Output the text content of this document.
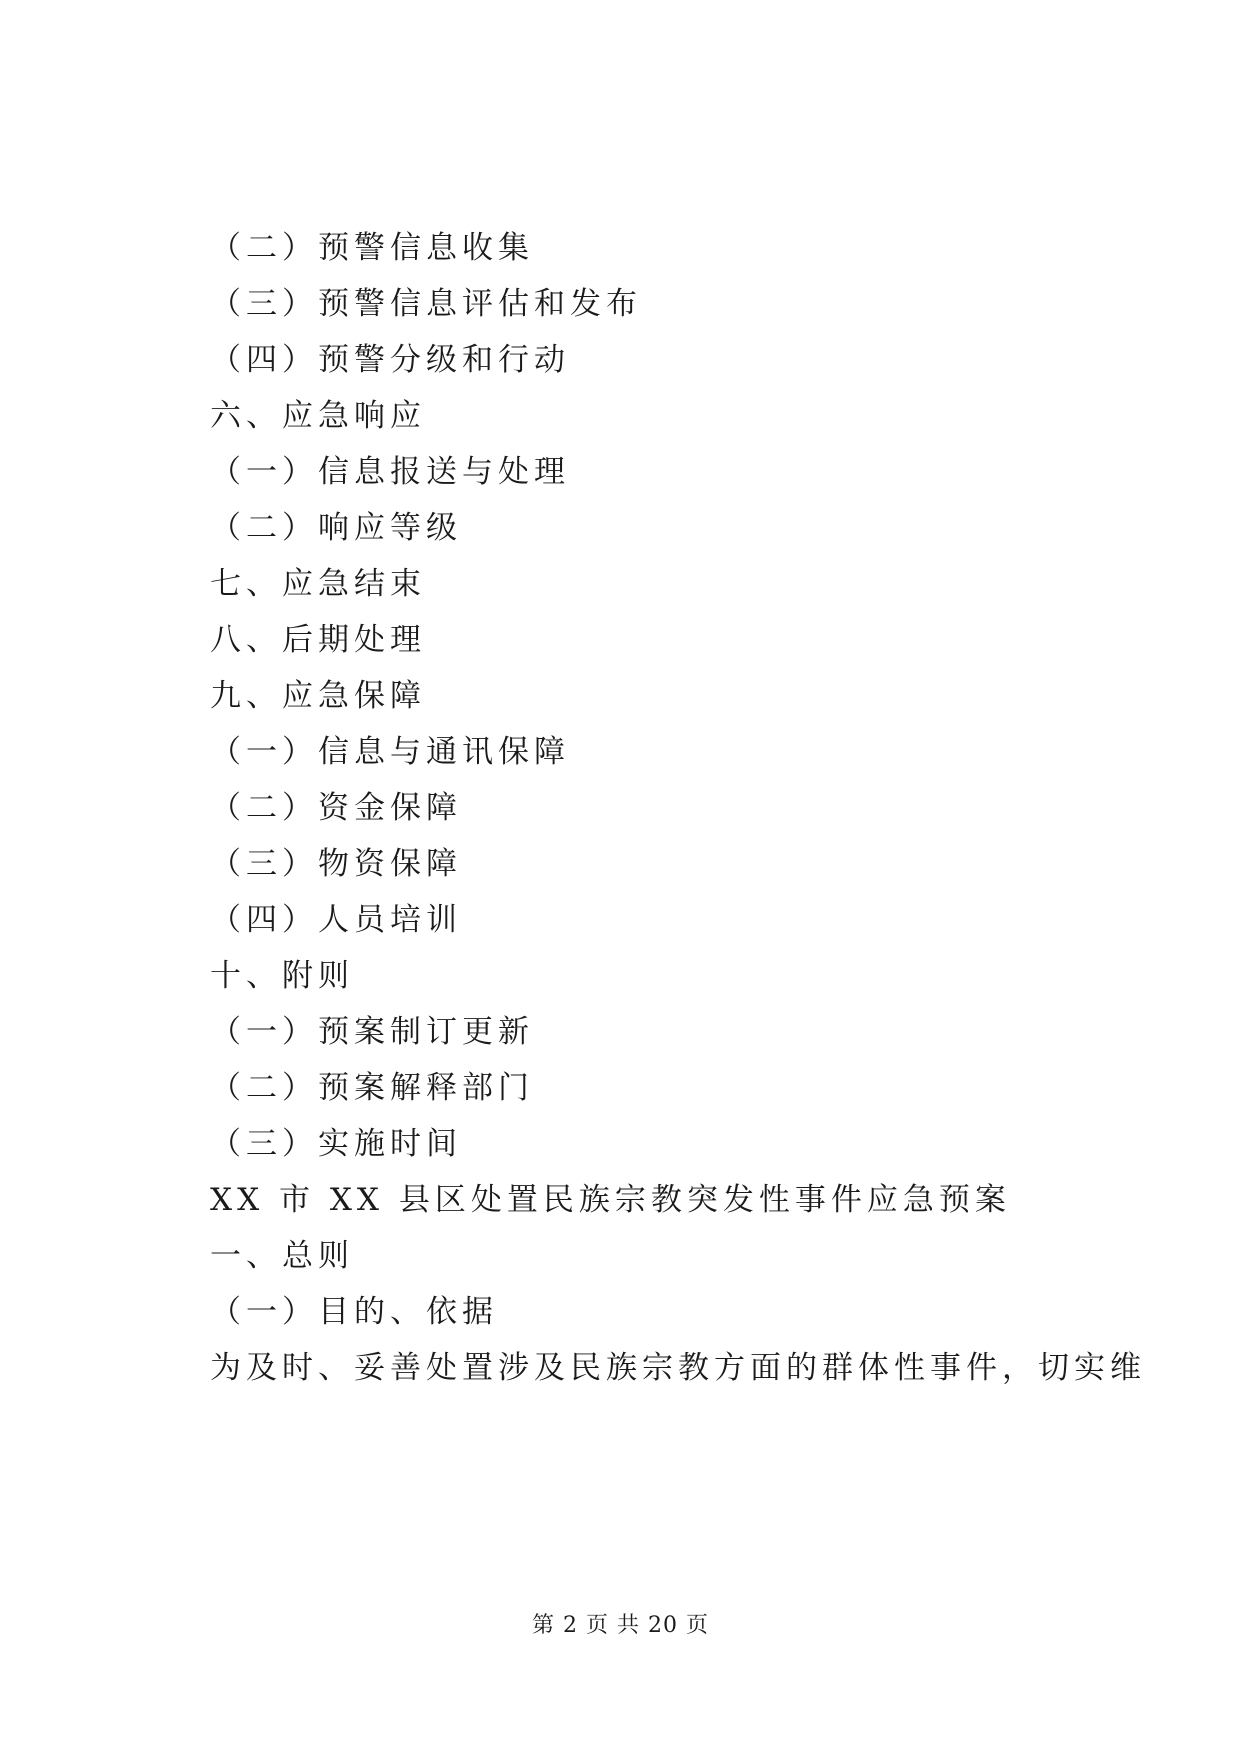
（二）预警信息收集
（三）预警信息评估和发布
（四）预警分级和行动
六、应急响应
（一）信息报送与处理
（二）响应等级
七、应急结束
八、后期处理
九、应急保障
（一）信息与通讯保障
（二）资金保障
（三）物资保障
（四）人员培训
十、附则
（一）预案制订更新
（二）预案解释部门
（三）实施时间
XX 市 XX 县区处置民族宗教突发性事件应急预案
一、总则
（一）目的、依据
为及时、妥善处置涉及民族宗教方面的群体性事件，切实维
第 2 页 共 20 页
